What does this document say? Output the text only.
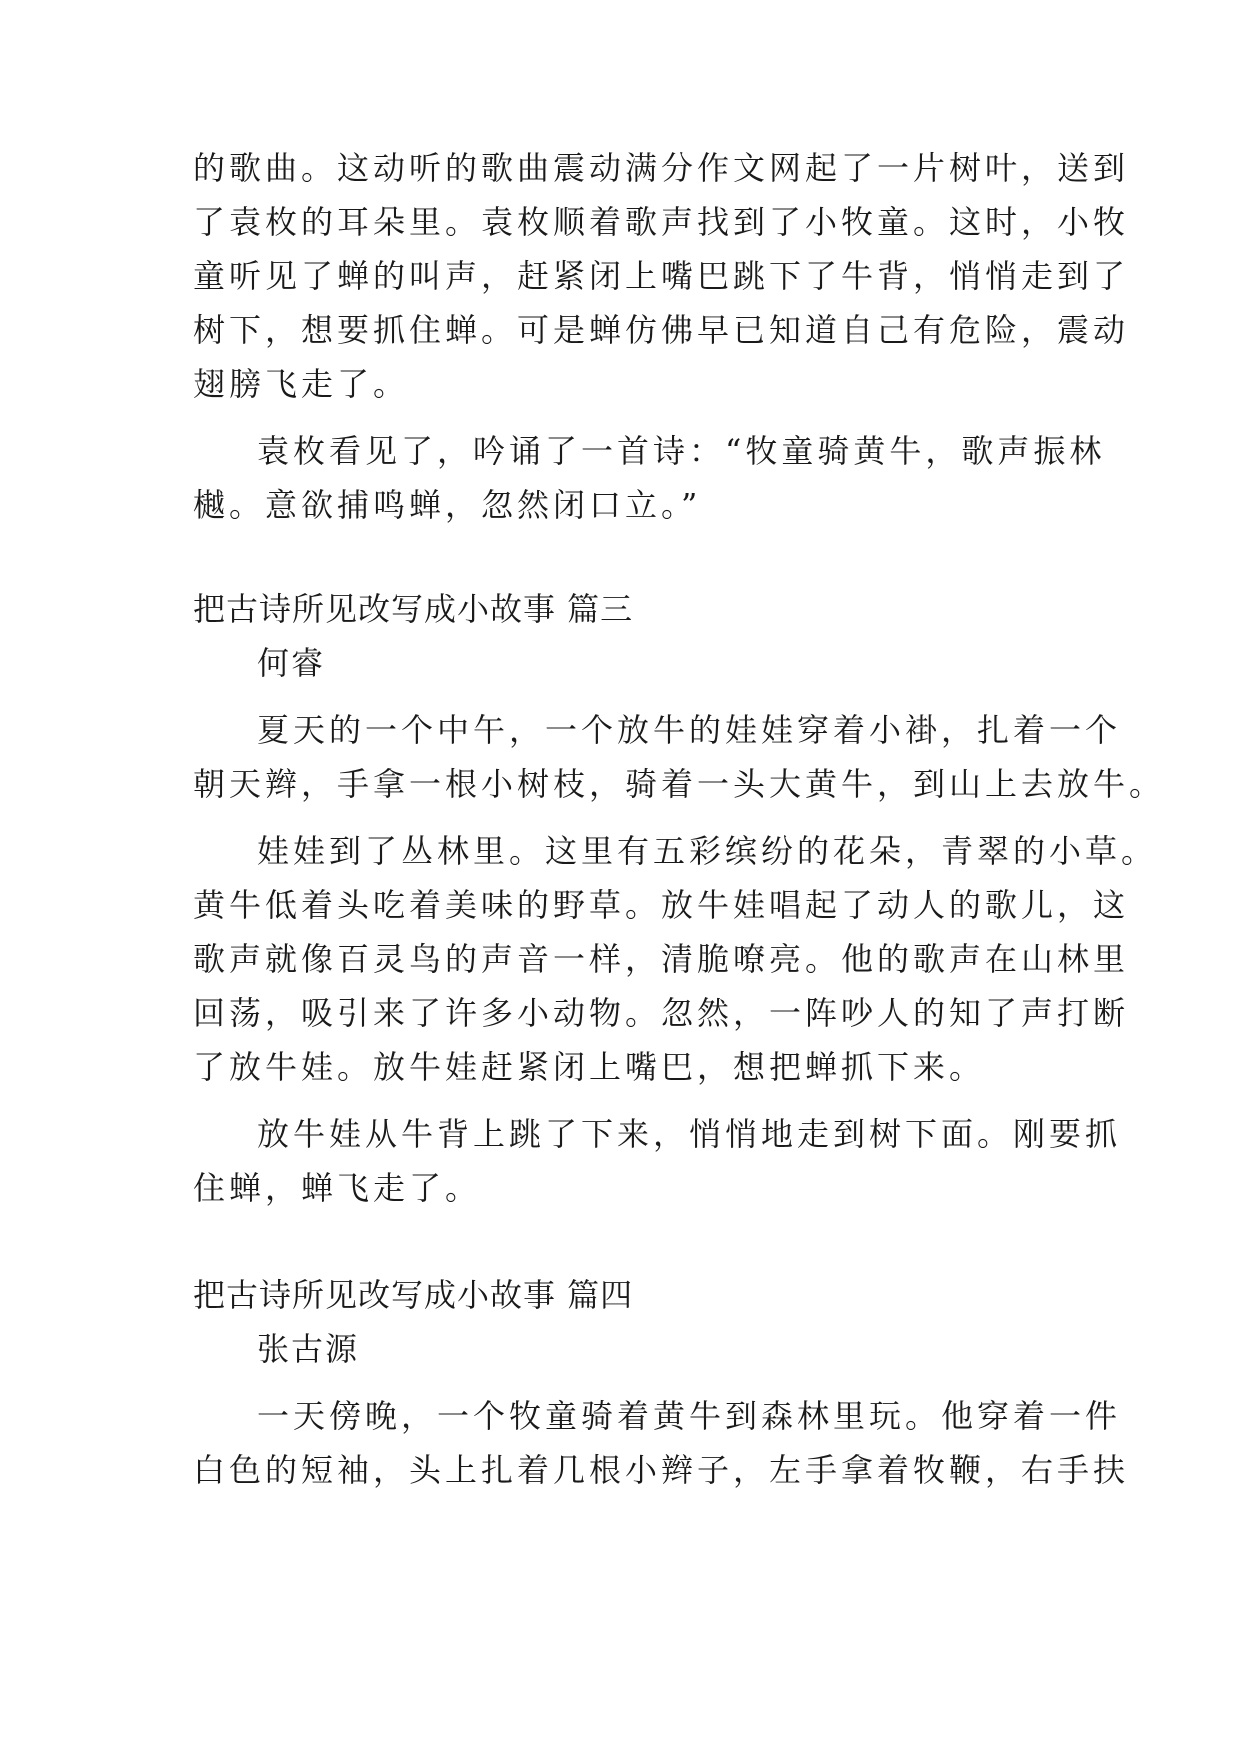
的歌曲。这动听的歌曲震动满分作文网起了一片树叶，送到
了袁枚的耳朵里。袁枚顺着歌声找到了小牧童。这时，小牧
童听见了蝉的叫声，赶紧闭上嘴巴跳下了牛背，悄悄走到了
树下，想要抓住蝉。可是蝉仿佛早已知道自己有危险，震动
翅膀飞走了。
袁枚看见了，吟诵了一首诗：“牧童骑黄牛，歌声振林
樾。意欲捕鸣蝉，忽然闭口立。”
把古诗所见改写成小故事 篇三
何睿
夏天的一个中午，一个放牛的娃娃穿着小褂，扎着一个
朝天辫，手拿一根小树枝，骑着一头大黄牛，到山上去放牛。
娃娃到了丛林里。这里有五彩缤纷的花朵，青翠的小草。
黄牛低着头吃着美味的野草。放牛娃唱起了动人的歌儿，这
歌声就像百灵鸟的声音一样，清脆嘹亮。他的歌声在山林里
回荡，吸引来了许多小动物。忽然，一阵吵人的知了声打断
了放牛娃。放牛娃赶紧闭上嘴巴，想把蝉抓下来。
放牛娃从牛背上跳了下来，悄悄地走到树下面。刚要抓
住蝉，蝉飞走了。
把古诗所见改写成小故事 篇四
张古源
一天傍晚，一个牧童骑着黄牛到森林里玩。他穿着一件
白色的短袖，头上扎着几根小辫子，左手拿着牧鞭，右手扶
